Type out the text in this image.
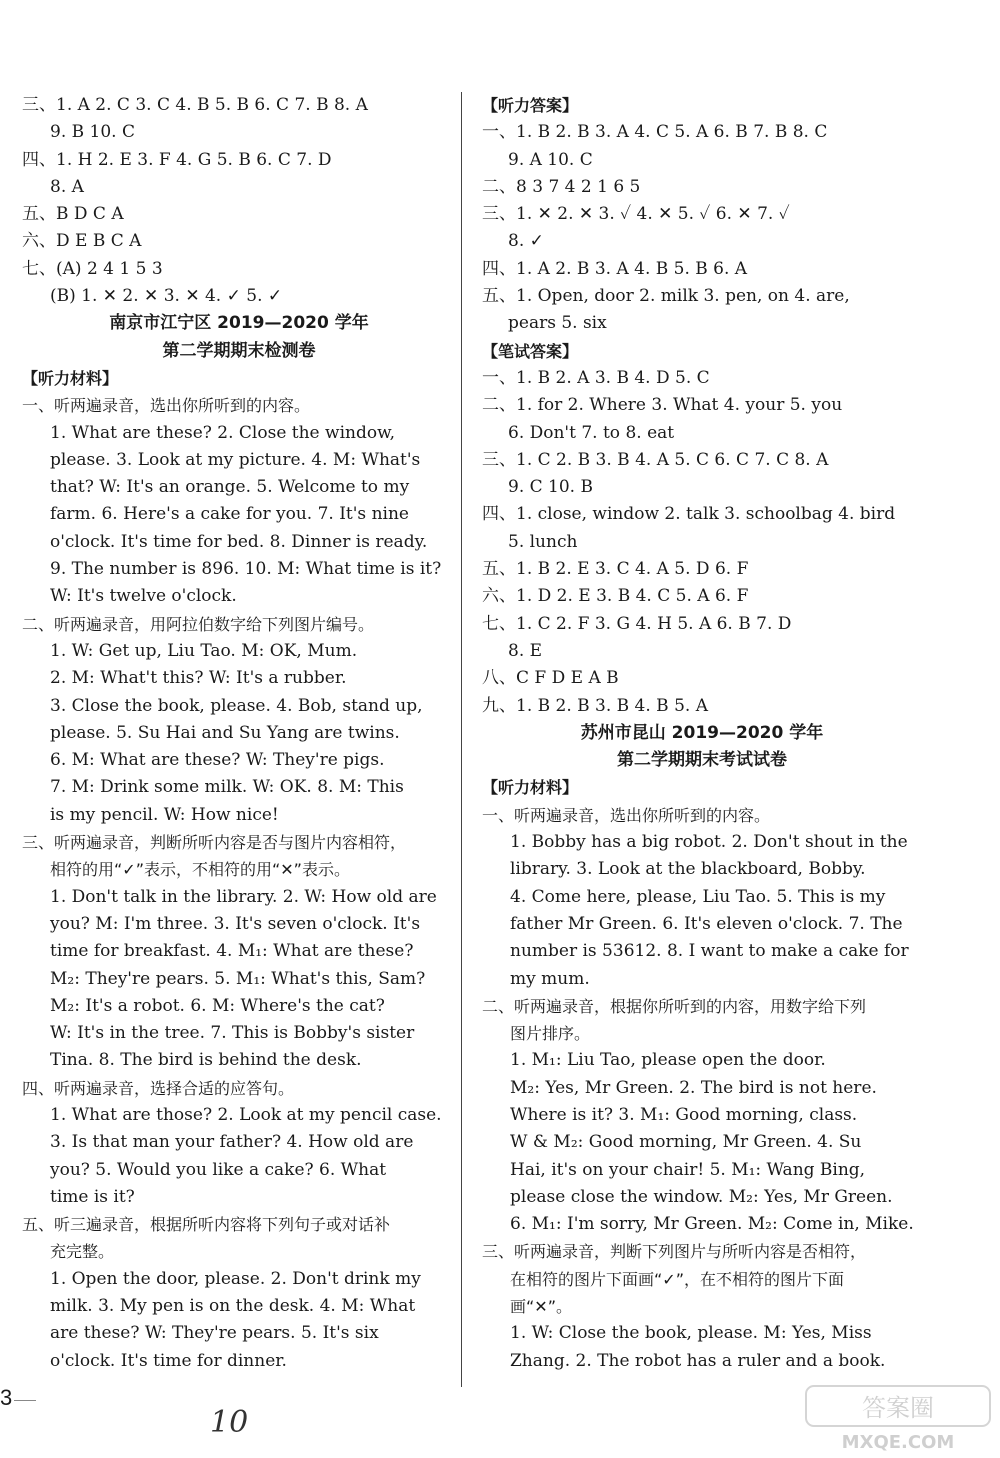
三、1. A 2. C 3. C 4. B 5. B 6. C 7. B 8. A
9. B 10. C
四、1. H 2. E 3. F 4. G 5. B 6. C 7. D
8. A
五、B D C A
六、D E B C A
七、(A) 2 4 1 5 3
(B) 1. ✕ 2. ✕ 3. ✕ 4. ✓ 5. ✓
南京市江宁区 2019—2020 学年
第二学期期末检测卷
【听力材料】
一、听两遍录音，选出你所听到的内容。
1. What are these? 2. Close the window,
please. 3. Look at my picture. 4. M: What's
that? W: It's an orange. 5. Welcome to my
farm. 6. Here's a cake for you. 7. It's nine
o'clock. It's time for bed. 8. Dinner is ready.
9. The number is 896. 10. M: What time is it?
W: It's twelve o'clock.
二、听两遍录音，用阿拉伯数字给下列图片编号。
1. W: Get up, Liu Tao. M: OK, Mum.
2. M: What't this? W: It's a rubber.
3. Close the book, please. 4. Bob, stand up,
please. 5. Su Hai and Su Yang are twins.
6. M: What are these? W: They're pigs.
7. M: Drink some milk. W: OK. 8. M: This
is my pencil. W: How nice!
三、听两遍录音，判断所听内容是否与图片内容相符，
相符的用“✓”表示，不相符的用“✕”表示。
1. Don't talk in the library. 2. W: How old are
you? M: I'm three. 3. It's seven o'clock. It's
time for breakfast. 4. M₁: What are these?
M₂: They're pears. 5. M₁: What's this, Sam?
M₂: It's a robot. 6. M: Where's the cat?
W: It's in the tree. 7. This is Bobby's sister
Tina. 8. The bird is behind the desk.
四、听两遍录音，选择合适的应答句。
1. What are those? 2. Look at my pencil case.
3. Is that man your father? 4. How old are
you? 5. Would you like a cake? 6. What
time is it?
五、听三遍录音，根据所听内容将下列句子或对话补
充完整。
1. Open the door, please. 2. Don't drink my
milk. 3. My pen is on the desk. 4. M: What
are these? W: They're pears. 5. It's six
o'clock. It's time for dinner.
【听力答案】
一、1. B 2. B 3. A 4. C 5. A 6. B 7. B 8. C
9. A 10. C
二、8 3 7 4 2 1 6 5
三、1. ✕ 2. ✕ 3. ✓ 4. ✕ 5. ✓ 6. ✕ 7. ✓
8. ✓
四、1. A 2. B 3. A 4. B 5. B 6. A
五、1. Open, door 2. milk 3. pen, on 4. are,
pears 5. six
【笔试答案】
一、1. B 2. A 3. B 4. D 5. C
二、1. for 2. Where 3. What 4. your 5. you
6. Don't 7. to 8. eat
三、1. C 2. B 3. B 4. A 5. C 6. C 7. C 8. A
9. C 10. B
四、1. close, window 2. talk 3. schoolbag 4. bird
5. lunch
五、1. B 2. E 3. C 4. A 5. D 6. F
六、1. D 2. E 3. B 4. C 5. A 6. F
七、1. C 2. F 3. G 4. H 5. A 6. B 7. D
8. E
八、C F D E A B
九、1. B 2. B 3. B 4. B 5. A
苏州市昆山 2019—2020 学年
第二学期期末考试试卷
【听力材料】
一、听两遍录音，选出你所听到的内容。
1. Bobby has a big robot. 2. Don't shout in the
library. 3. Look at the blackboard, Bobby.
4. Come here, please, Liu Tao. 5. This is my
father Mr Green. 6. It's eleven o'clock. 7. The
number is 53612. 8. I want to make a cake for
my mum.
二、听两遍录音，根据你所听到的内容，用数字给下列
图片排序。
1. M₁: Liu Tao, please open the door.
M₂: Yes, Mr Green. 2. The bird is not here.
Where is it? 3. M₁: Good morning, class.
W & M₂: Good morning, Mr Green. 4. Su
Hai, it's on your chair! 5. M₁: Wang Bing,
please close the window. M₂: Yes, Mr Green.
6. M₁: I'm sorry, Mr Green. M₂: Come in, Mike.
三、听两遍录音，判断下列图片与所听内容是否相符，
在相符的图片下面画“✓”，在不相符的图片下面
画“✕”。
1. W: Close the book, please. M: Yes, Miss
Zhang. 2. The robot has a ruler and a book.
3
10	答案圈
MXQE.COM
